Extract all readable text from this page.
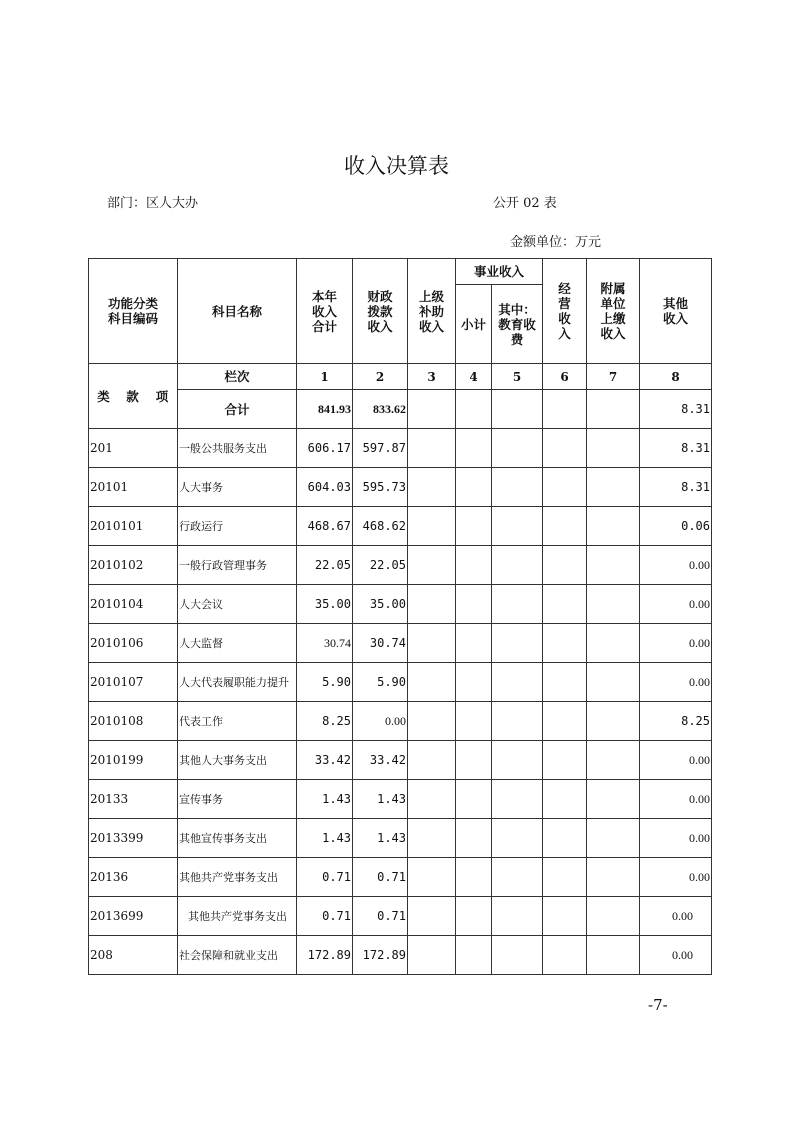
收入决算表
部门：区人大办	公开 02 表
金额单位：万元
功能分类科目编码	科目名称	本年收入合计	财政拨款收入	上级补助收入	事业收入		经营收入	附属单位上缴收入	其他收入
					小计	其中：教育收费			

类 款 项	栏次	1	2	3	4	5	6	7	8
	合计	841.93	833.62						8.31
201	一般公共服务支出	606.17	597.87						8.31
20101	人大事务	604.03	595.73						8.31
2010101	行政运行	468.67	468.62						0.06
2010102	一般行政管理事务	22.05	22.05						0.00
2010104	人大会议	35.00	35.00						0.00
2010106	人大监督	30.74	30.74						0.00
2010107	人大代表履职能力提升	5.90	5.90						0.00
2010108	代表工作	8.25	0.00						8.25
2010199	其他人大事务支出	33.42	33.42						0.00
20133	宣传事务	1.43	1.43						0.00
2013399	其他宣传事务支出	1.43	1.43						0.00
20136	其他共产党事务支出	0.71	0.71						0.00
2013699	其他共产党事务支出	0.71	0.71						0.00
208	社会保障和就业支出	172.89	172.89						0.00
-7-
